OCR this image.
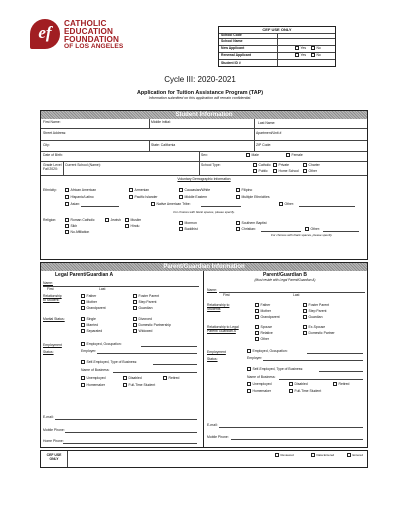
ef	CATHOLIC
EDUCATION
FOUNDATION
OF LOS ANGELES
CEF USE ONLY
School Code
School Name
New Applicant	Yes	No
Renewal Applicant	Yes	No
Student ID #
Cycle III: 2020-2021
Application for Tuition Assistance Program (TAP)
Information submitted on this application will remain confidential.
Student Information
First Name:	Middle Initial:	Last Name:
Street Address:	Apartment/Unit #
City:	State: California	ZIP Code:
Date of Birth:	Sex:	Male	Female
Grade Level Fall 2020:
Current School (Name):	School Type:	Catholic	Private	Charter
Public	Home School	Other
Voluntary Demographic Information
Ethnicity:	African American
Hispanic/Latino
Asian:
Armenian
Pacific Islander
Native American Tribe:
Caucasian/White
Middle Eastern
Filipino
Multiple Ethnicities
Other:
For choices with blank spaces, please specify.
Religion:	Roman Catholic
Sikh
No Affiliation
Jewish
Hindu
Muslim
Mormon
Buddhist
Southern Baptist
Christian:	Other:
For choices with blank spaces, please specify.
Parent/Guardian Information
Legal Parent/Guardian A
Name:
First	Last
Relationship to Student:
Father
Mother
Grandparent
Foster Parent
Step Parent
Guardian
Marital Status:	Single
Married
Separated
Divorced
Domestic Partnership
Widowed
Employment Status:
Employed, Occupation:
Employer:
Self-Employed, Type of Business:
Name of Business:
Unemployed	Disabled	Retired
Homemaker	Full-Time Student
E-mail:
Mobile Phone:
Home Phone:
Parent/Guardian B
(Must reside with Legal Parent/Guardian A)
Name:
First	Last
Relationship to Students
Father
Mother
Grandparent
Foster Parent
Step Parent
Guardian
Relationship to Legal Parent/ Guardian A
Spouse
Relative
Other
Ex-Spouse
Domestic Partner
Employment Status:
Employed, Occupation:
Employer:
Self-Employed, Type of Business:
Name of Business:
Unemployed	Disabled	Retired
Homemaker	Full-Time Student
E-mail:
Mobile Phone:
CEF USE ONLY
Reviewed	Data Entered	Entered
